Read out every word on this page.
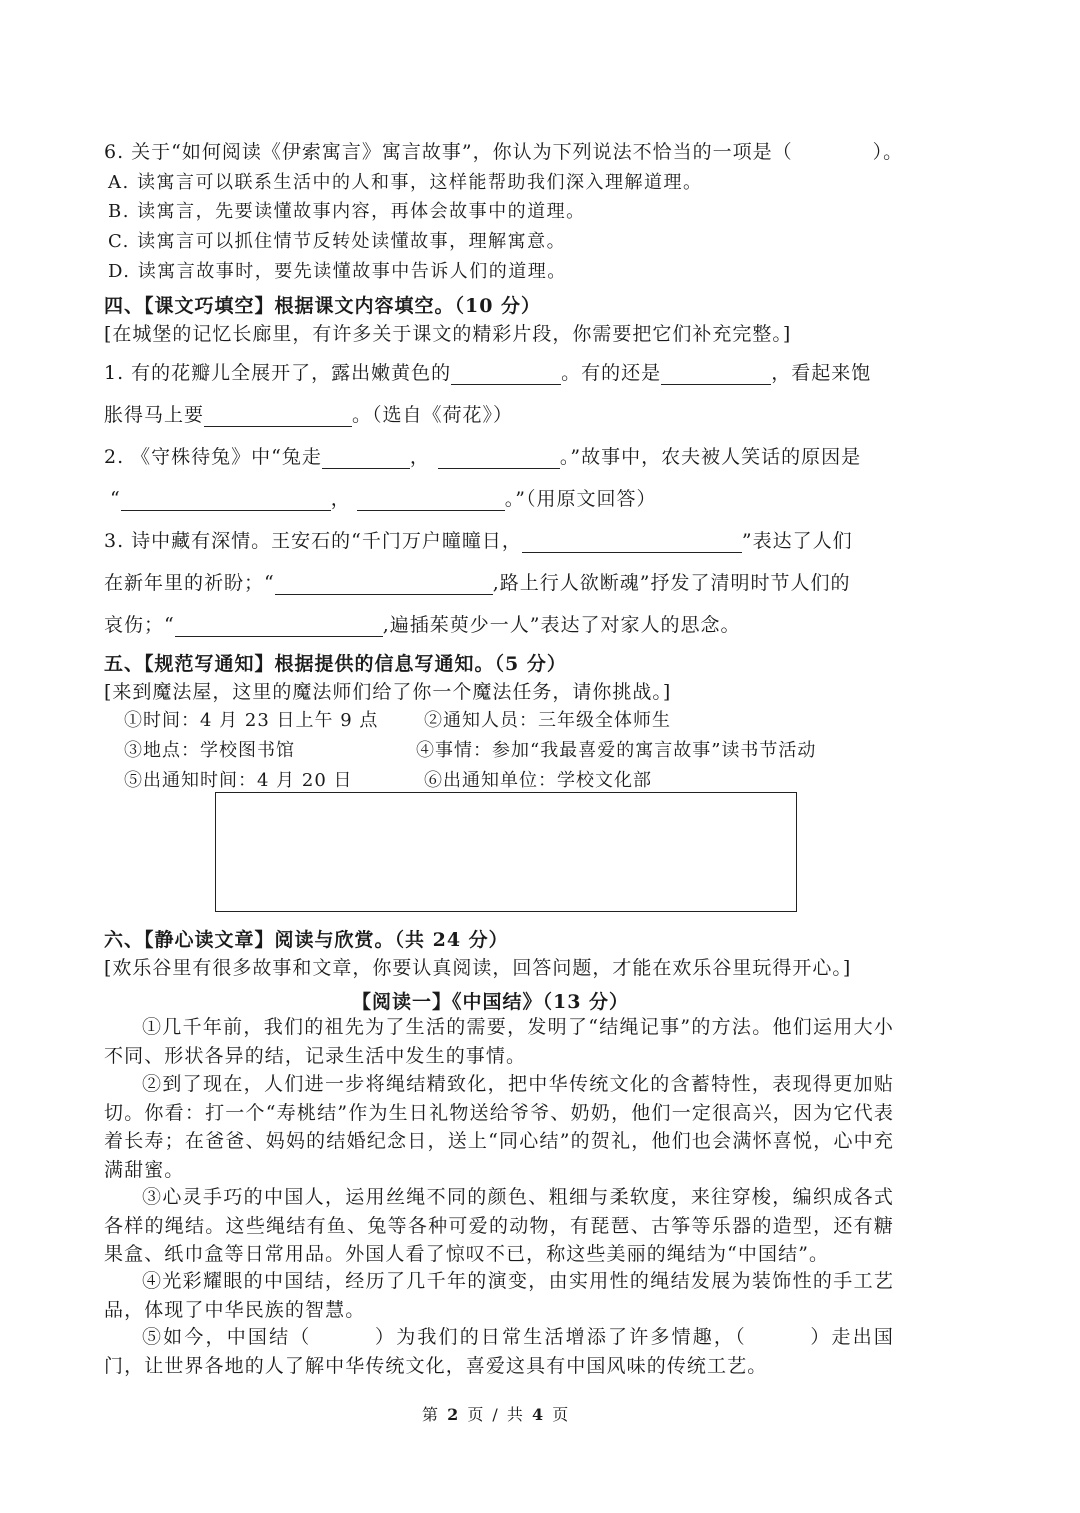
6. 关于“如何阅读《伊索寓言》寓言故事”，你认为下列说法不恰当的一项是（　　　　）。
A. 读寓言可以联系生活中的人和事，这样能帮助我们深入理解道理。
B. 读寓言，先要读懂故事内容，再体会故事中的道理。
C. 读寓言可以抓住情节反转处读懂故事，理解寓意。
D. 读寓言故事时，要先读懂故事中告诉人们的道理。
四、【课文巧填空】根据课文内容填空。（10 分）
[在城堡的记忆长廊里，有许多关于课文的精彩片段，你需要把它们补充完整。]
1. 有的花瓣儿全展开了，露出嫩黄色的	。有的还是	，看起来饱
胀得马上要	。（选自《荷花》）
2. 《守株待兔》中“兔走	，	。”故事中，农夫被人笑话的原因是
“	，	。”（用原文回答）
3. 诗中藏有深情。王安石的“千门万户曈曈日，	”表达了人们
在新年里的祈盼；“	,路上行人欲断魂”抒发了清明时节人们的
哀伤；“	,遍插茱萸少一人”表达了对家人的思念。
五、【规范写通知】根据提供的信息写通知。（5 分）
[来到魔法屋，这里的魔法师们给了你一个魔法任务，请你挑战。]
①时间：4 月 23 日上午 9 点	②通知人员：三年级全体师生
③地点：学校图书馆	④事情：参加“我最喜爱的寓言故事”读书节活动
⑤出通知时间：4 月 20 日	⑥出通知单位：学校文化部
六、【静心读文章】阅读与欣赏。（共 24 分）
[欢乐谷里有很多故事和文章，你要认真阅读，回答问题，才能在欢乐谷里玩得开心。]
【阅读一】《中国结》（13 分）
①几千年前，我们的祖先为了生活的需要，发明了“结绳记事”的方法。他们运用大小不同、形状各异的结，记录生活中发生的事情。
②到了现在，人们进一步将绳结精致化，把中华传统文化的含蓄特性，表现得更加贴切。你看：打一个“寿桃结”作为生日礼物送给爷爷、奶奶，他们一定很高兴，因为它代表着长寿；在爸爸、妈妈的结婚纪念日，送上“同心结”的贺礼，他们也会满怀喜悦，心中充满甜蜜。
③心灵手巧的中国人，运用丝绳不同的颜色、粗细与柔软度，来往穿梭，编织成各式各样的绳结。这些绳结有鱼、兔等各种可爱的动物，有琵琶、古筝等乐器的造型，还有糖果盒、纸巾盒等日常用品。外国人看了惊叹不已，称这些美丽的绳结为“中国结”。
④光彩耀眼的中国结，经历了几千年的演变，由实用性的绳结发展为装饰性的手工艺品，体现了中华民族的智慧。
⑤如今，中国结（　　　）为我们的日常生活增添了许多情趣，（　　　）走出国门，让世界各地的人了解中华传统文化，喜爱这具有中国风味的传统工艺。
第 2 页 / 共 4 页
